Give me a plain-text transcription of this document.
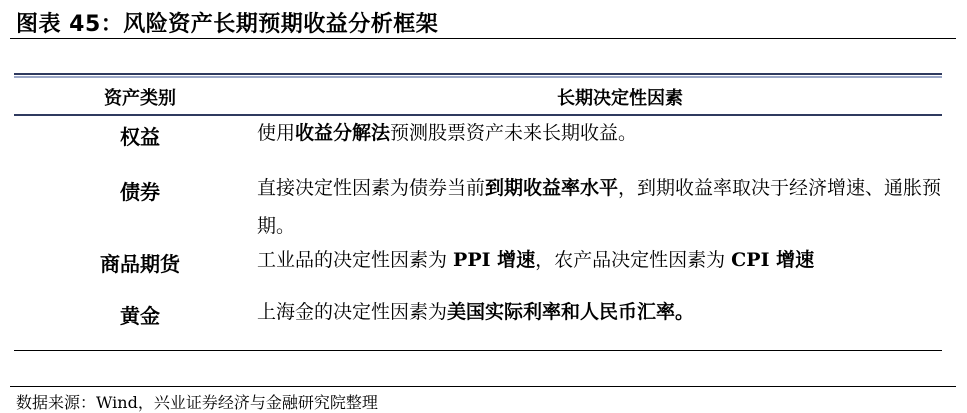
图表 45：风险资产长期预期收益分析框架
资产类别	长期决定性因素
权益	使用收益分解法预测股票资产未来长期收益。
债券	直接决定性因素为债券当前到期收益率水平，到期收益率取决于经济增速、通胀预期。
商品期货	工业品的决定性因素为 PPI 增速，农产品决定性因素为 CPI 增速
黄金	上海金的决定性因素为美国实际利率和人民币汇率。
数据来源：Wind，兴业证券经济与金融研究院整理
